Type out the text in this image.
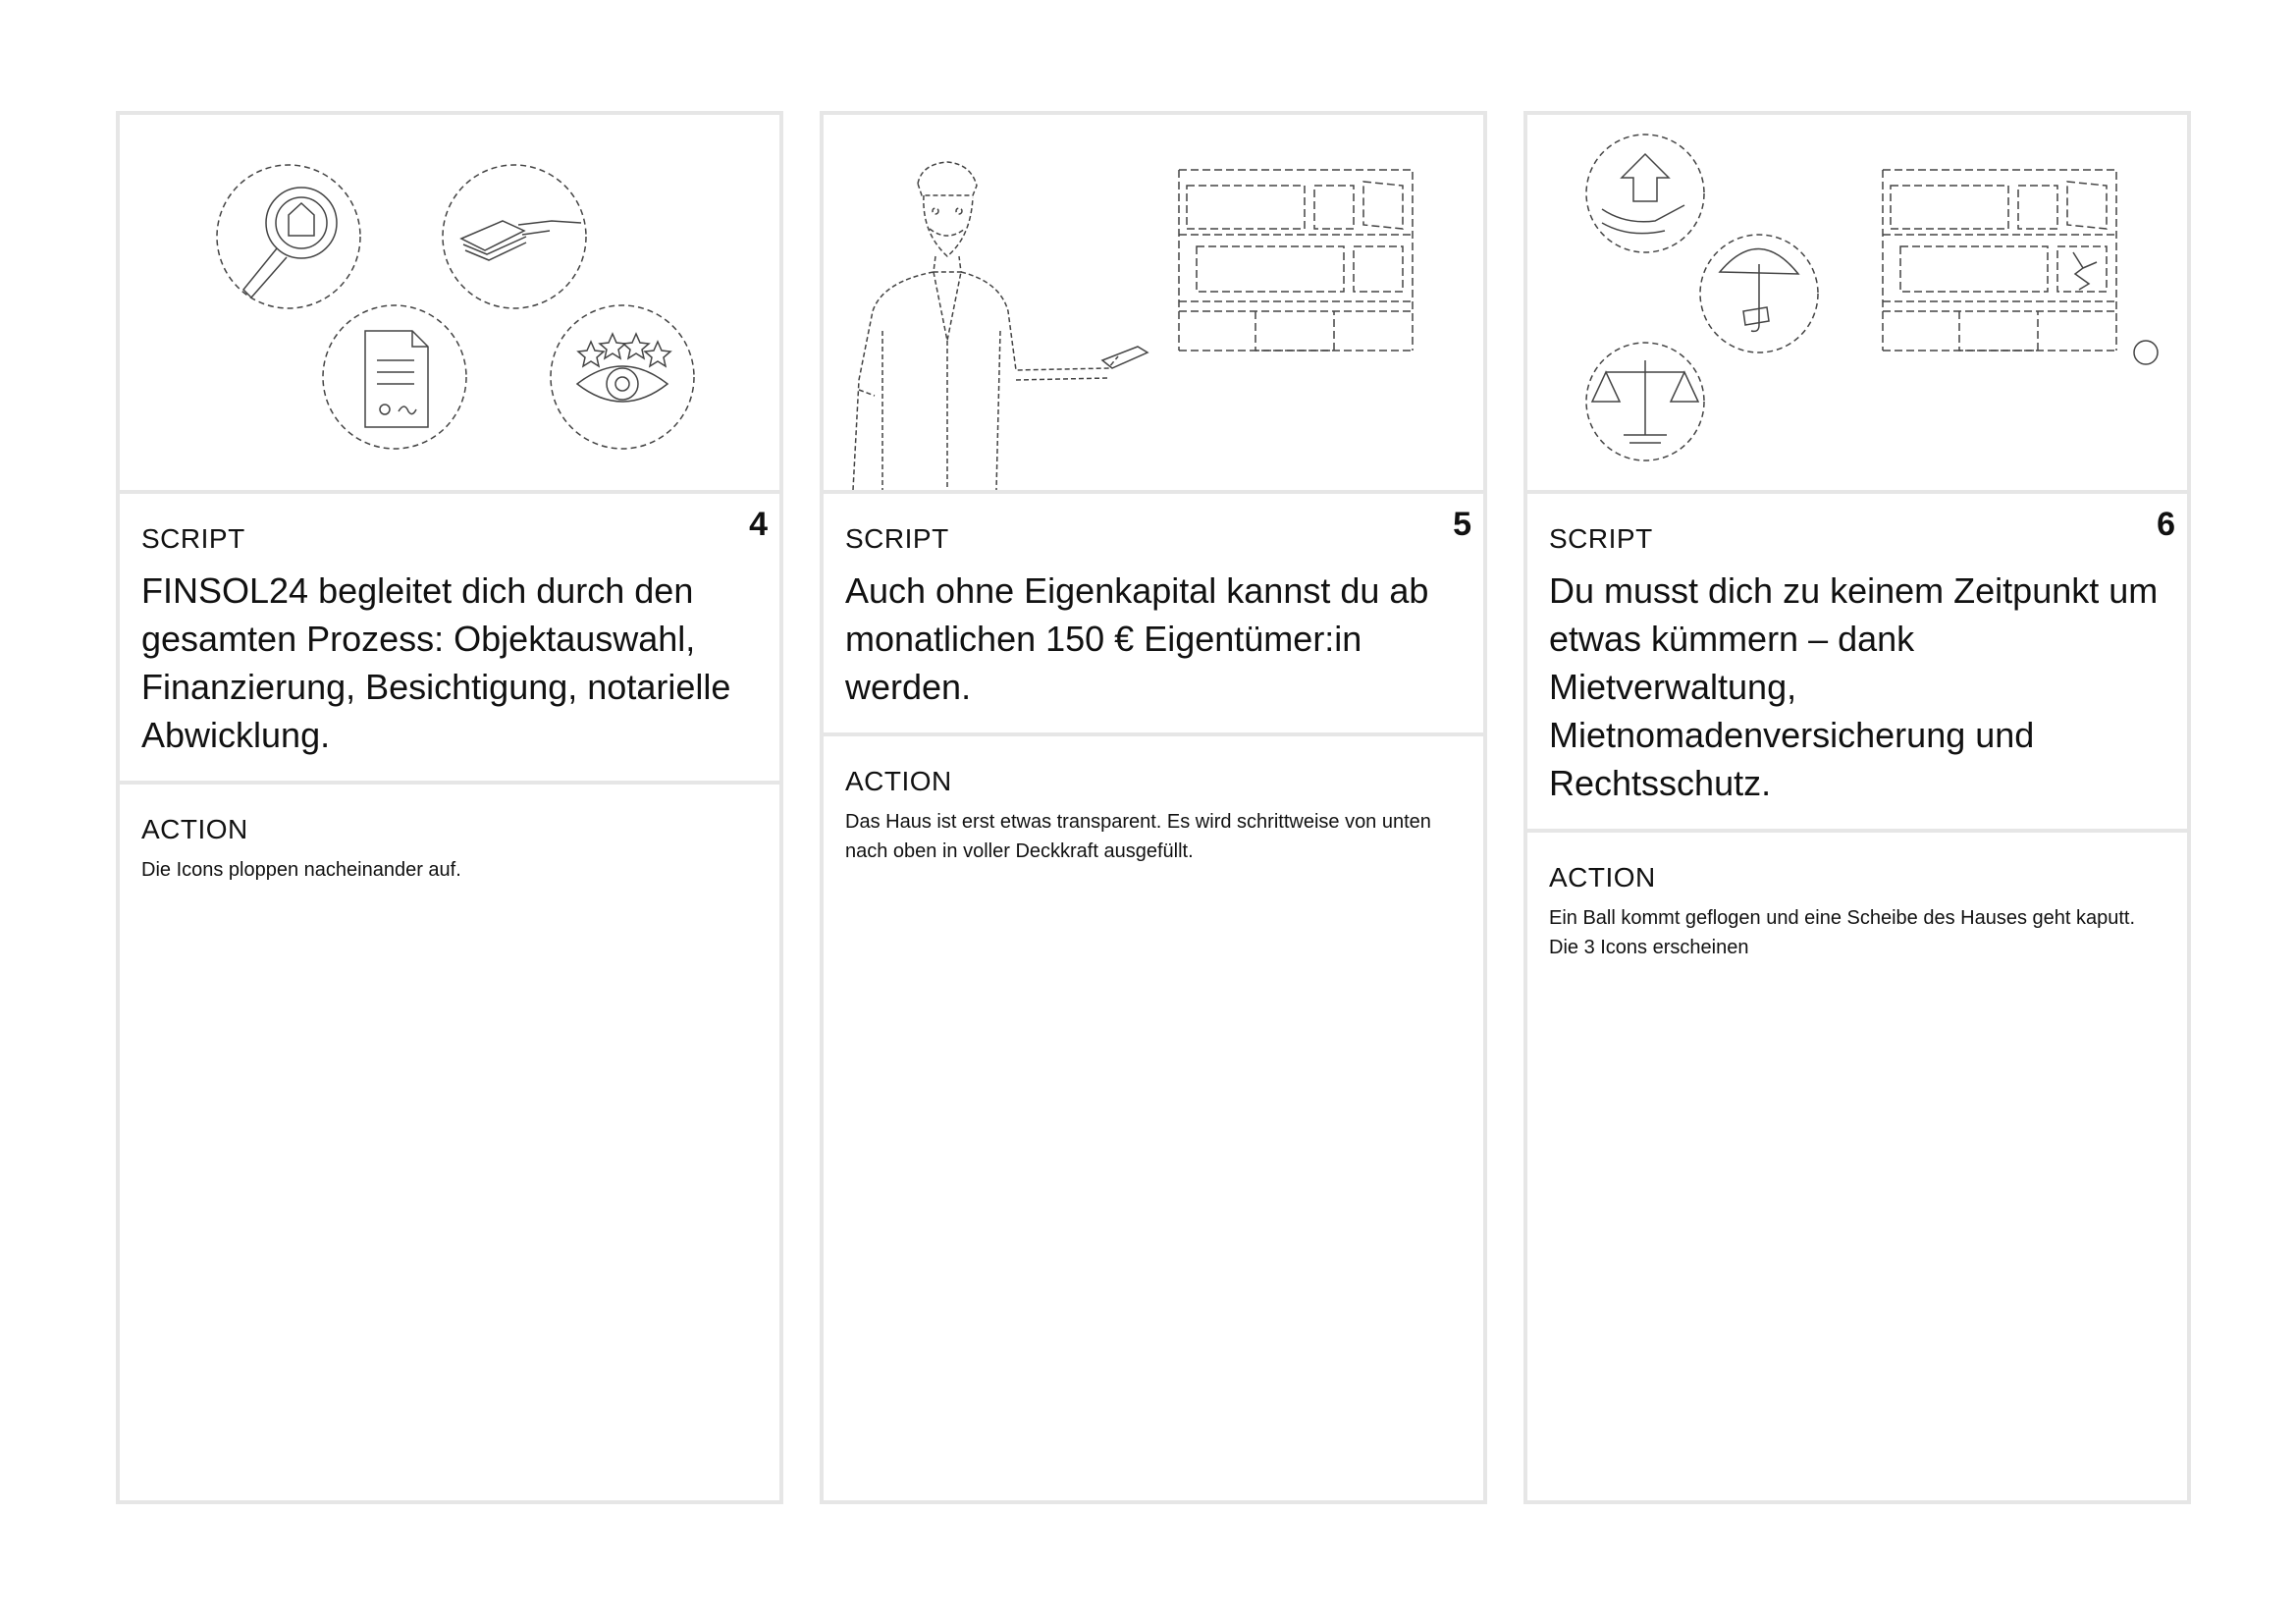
4
SCRIPT
FINSOL24 begleitet dich durch den gesamten Prozess: Objektauswahl, Finanzierung, Besichtigung, notarielle Abwicklung.
ACTION
Die Icons ploppen nacheinander auf.
5
SCRIPT
Auch ohne Eigenkapital kannst du ab monatlichen 150 € Eigentümer:in werden.
ACTION
Das Haus ist erst etwas transparent. Es wird schrittweise von unten nach oben in voller Deckkraft ausgefüllt.
6
SCRIPT
Du musst dich zu keinem Zeitpunkt um etwas kümmern – dank Mietverwaltung, Mietnomadenversicherung und Rechtsschutz.
ACTION
Ein Ball kommt geflogen und eine Scheibe des Hauses geht kaputt. Die 3 Icons erscheinen
